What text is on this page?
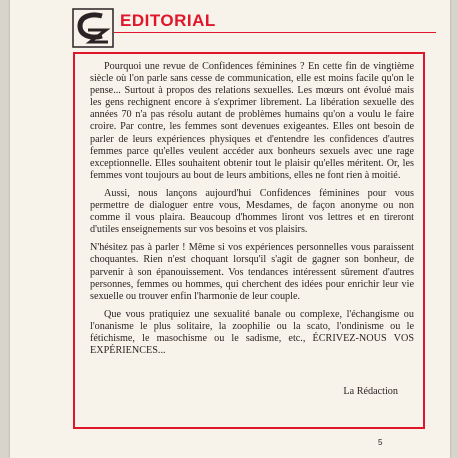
EDITORIAL

Pourquoi une revue de Confidences féminines ? En cette fin de vingtième siècle où l'on parle sans cesse de communication, elle est moins facile qu'on le pense... Surtout à propos des relations sexuelles. Les mœurs ont évolué mais les gens rechignent encore à s'exprimer librement. La libération sexuelle des années 70 n'a pas résolu autant de problèmes humains qu'on a voulu le faire croire. Par contre, les femmes sont devenues exigeantes. Elles ont besoin de parler de leurs expériences physiques et d'entendre les confidences d'autres femmes parce qu'elles veulent accéder aux bonheurs sexuels avec une rage exceptionnelle. Elles souhaitent obtenir tout le plaisir qu'elles méritent. Or, les femmes vont toujours au bout de leurs ambitions, elles ne font rien à moitié.

Aussi, nous lançons aujourd'hui Confidences féminines pour vous permettre de dialoguer entre vous, Mesdames, de façon anonyme ou non comme il vous plaira. Beaucoup d'hommes liront vos lettres et en tireront d'utiles enseignements sur vos besoins et vos plaisirs.

N'hésitez pas à parler ! Même si vos expériences personnelles vous paraissent choquantes. Rien n'est choquant lorsqu'il s'agit de gagner son bonheur, de parvenir à son épanouissement. Vos tendances intéressent sûrement d'autres personnes, femmes ou hommes, qui cherchent des idées pour enrichir leur vie sexuelle ou trouver enfin l'harmonie de leur couple.

Que vous pratiquiez une sexualité banale ou complexe, l'échangisme ou l'onanisme le plus solitaire, la zoophilie ou la scato, l'ondinisme ou le fétichisme, le masochisme ou le sadisme, etc., ÉCRIVEZ-NOUS VOS EXPÉRIENCES...

La Rédaction
5
